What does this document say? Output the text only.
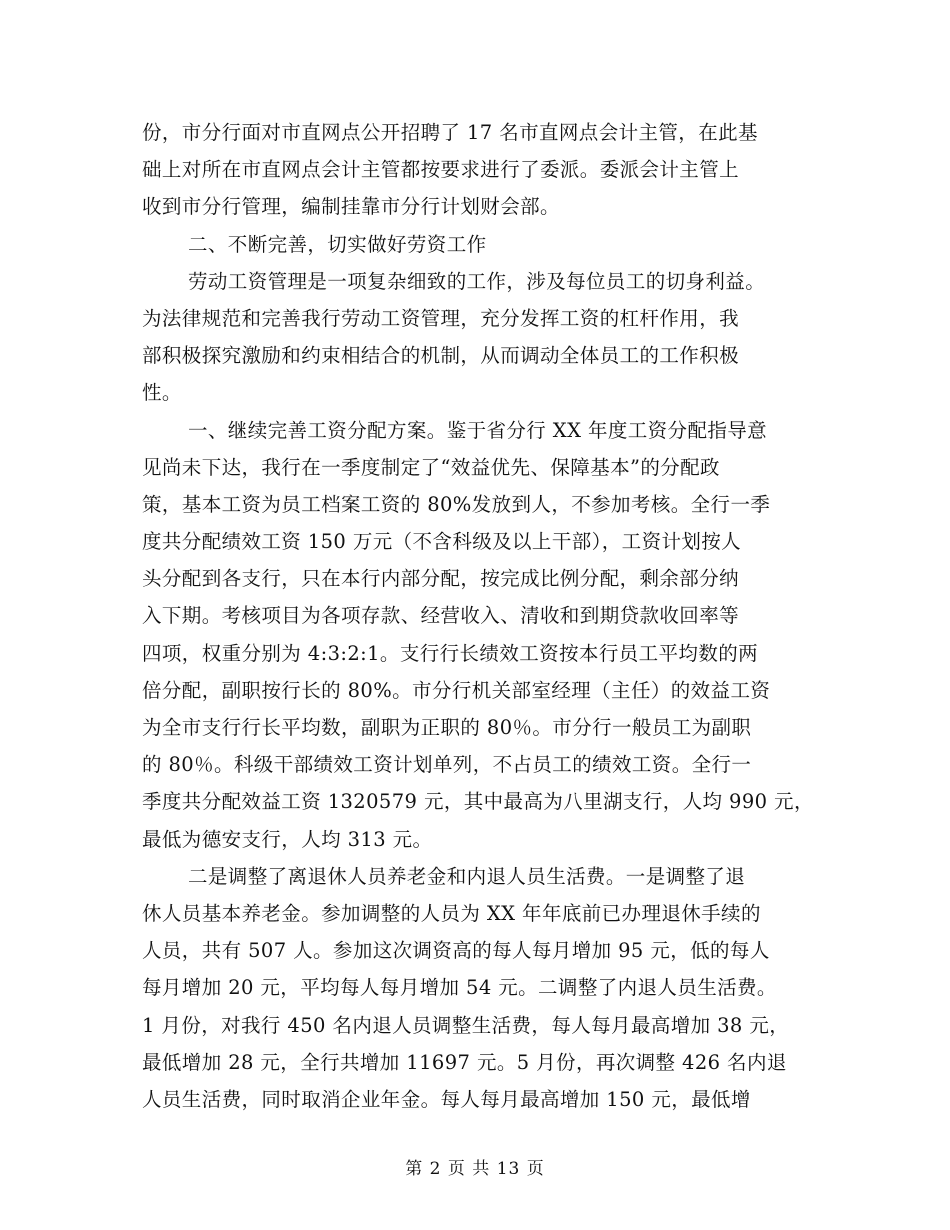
份，市分行面对市直网点公开招聘了 17 名市直网点会计主管，在此基
础上对所在市直网点会计主管都按要求进行了委派。委派会计主管上
收到市分行管理，编制挂靠市分行计划财会部。
二、不断完善，切实做好劳资工作
劳动工资管理是一项复杂细致的工作，涉及每位员工的切身利益。
为法律规范和完善我行劳动工资管理，充分发挥工资的杠杆作用，我
部积极探究激励和约束相结合的机制，从而调动全体员工的工作积极
性。
一、继续完善工资分配方案。鉴于省分行 XX 年度工资分配指导意
见尚未下达，我行在一季度制定了“效益优先、保障基本”的分配政
策，基本工资为员工档案工资的 80%发放到人，不参加考核。全行一季
度共分配绩效工资 150 万元（不含科级及以上干部），工资计划按人
头分配到各支行，只在本行内部分配，按完成比例分配，剩余部分纳
入下期。考核项目为各项存款、经营收入、清收和到期贷款收回率等
四项，权重分别为 4:3:2:1。支行行长绩效工资按本行员工平均数的两
倍分配，副职按行长的 80%。市分行机关部室经理（主任）的效益工资
为全市支行行长平均数，副职为正职的 80％。市分行一般员工为副职
的 80％。科级干部绩效工资计划单列，不占员工的绩效工资。全行一
季度共分配效益工资 1320579 元，其中最高为八里湖支行，人均 990 元，
最低为德安支行，人均 313 元。
二是调整了离退休人员养老金和内退人员生活费。一是调整了退
休人员基本养老金。参加调整的人员为 XX 年年底前已办理退休手续的
人员，共有 507 人。参加这次调资高的每人每月增加 95 元，低的每人
每月增加 20 元，平均每人每月增加 54 元。二调整了内退人员生活费。
1 月份，对我行 450 名内退人员调整生活费，每人每月最高增加 38 元，
最低增加 28 元，全行共增加 11697 元。5 月份，再次调整 426 名内退
人员生活费，同时取消企业年金。每人每月最高增加 150 元，最低增
第 2 页 共 13 页
